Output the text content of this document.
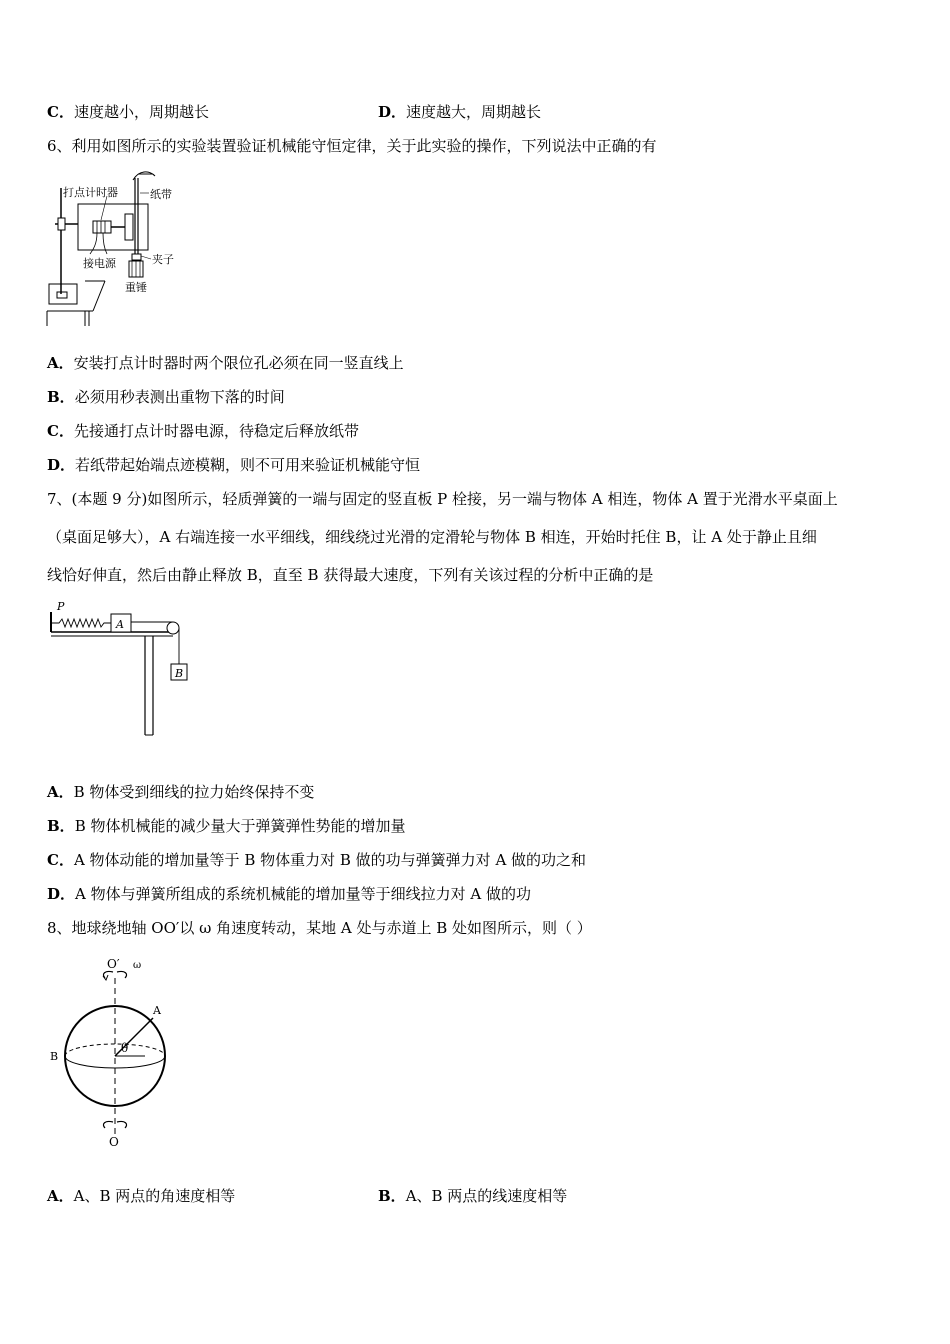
C．速度越小，周期越长	D．速度越大，周期越长
6、利用如图所示的实验装置验证机械能守恒定律，关于此实验的操作，下列说法中正确的有
打点计时器	纸带
接电源	夹子
重锤
A．安装打点计时器时两个限位孔必须在同一竖直线上
B．必须用秒表测出重物下落的时间
C．先接通打点计时器电源，待稳定后释放纸带
D．若纸带起始端点迹模糊，则不可用来验证机械能守恒
7、(本题 9 分)如图所示，轻质弹簧的一端与固定的竖直板 P 栓接，另一端与物体 A 相连，物体 A 置于光滑水平桌面上
（桌面足够大），A 右端连接一水平细线，细线绕过光滑的定滑轮与物体 B 相连，开始时托住 B，让 A 处于静止且细
线恰好伸直，然后由静止释放 B，直至 B 获得最大速度，下列有关该过程的分析中正确的是
P
A
B
A．B 物体受到细线的拉力始终保持不变
B．B 物体机械能的减少量大于弹簧弹性势能的增加量
C．A 物体动能的增加量等于 B 物体重力对 B 做的功与弹簧弹力对 A 做的功之和
D．A 物体与弹簧所组成的系统机械能的增加量等于细线拉力对 A 做的功
8、地球绕地轴 OO′以 ω 角速度转动，某地 A 处与赤道上 B 处如图所示，则（ ）
O′ ω
A
B
θ
O
A．A、B 两点的角速度相等	B．A、B 两点的线速度相等
